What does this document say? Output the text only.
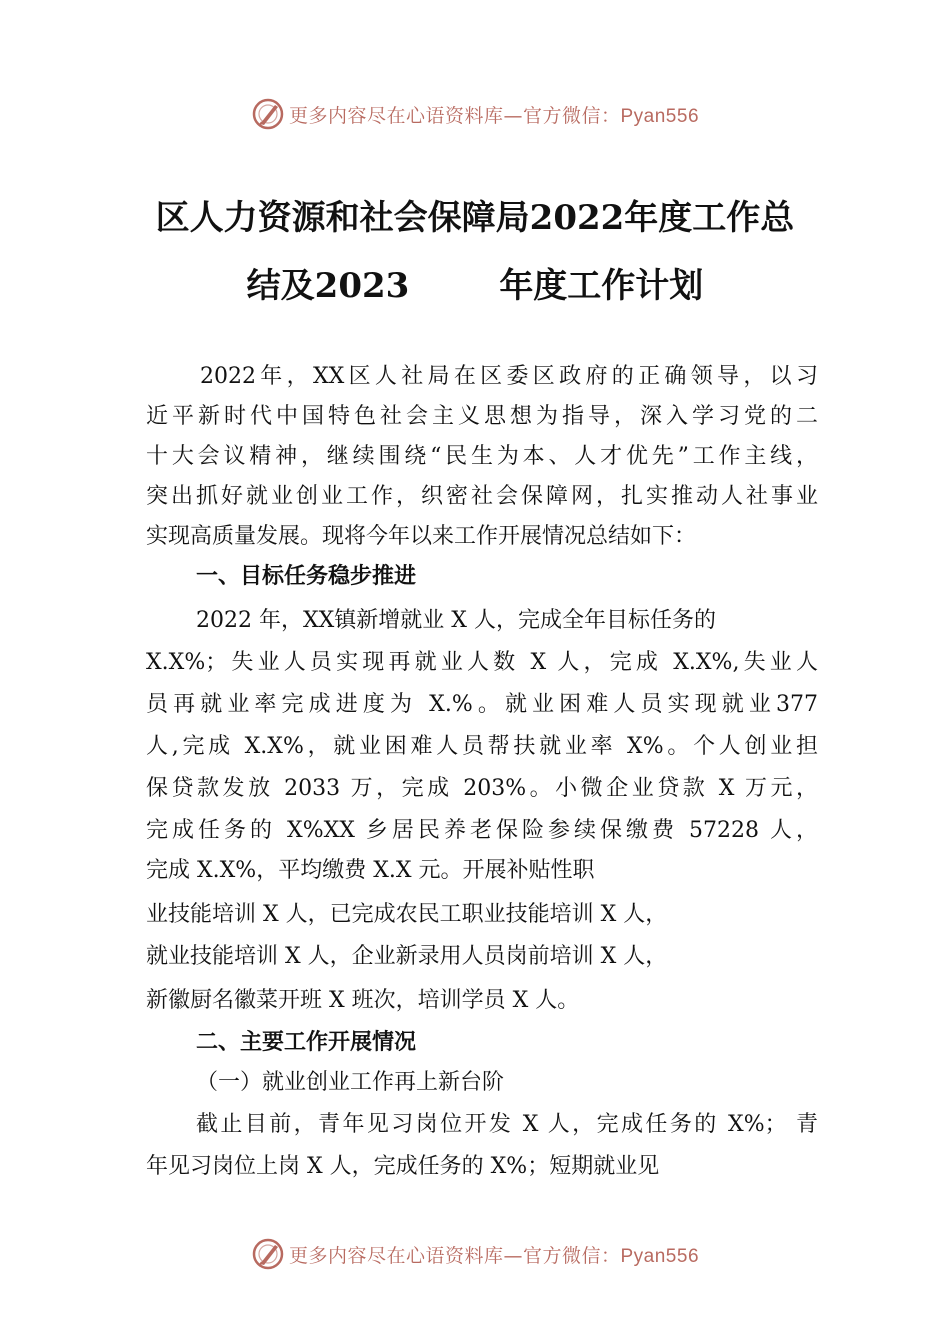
更多内容尽在心语资料库—官方微信：Pyan556
区人力资源和社会保障局2022年度工作总
结及2023	年度工作计划
2022年，XX区人社局在区委区政府的正确领导，以习
近平新时代中国特色社会主义思想为指导，深入学习党的二
十大会议精神，继续围绕“民生为本、人才优先”工作主线，
突出抓好就业创业工作，织密社会保障网，扎实推动人社事业
实现高质量发展。现将今年以来工作开展情况总结如下：
一、目标任务稳步推进
2022 年，XX镇新增就业 X 人，完成全年目标任务的
X.X%；失业人员实现再就业人数 X 人，完成 X.X%,失业人
员再就业率完成进度为 X.%。就业困难人员实现就业377
人,完成 X.X%，就业困难人员帮扶就业率 X%。个人创业担
保贷款发放 2033 万，完成 203%。小微企业贷款 X 万元，
完成任务的 X%XX 乡居民养老保险参续保缴费 57228 人，
完成 X.X%，平均缴费 X.X 元。开展补贴性职
业技能培训 X 人，已完成农民工职业技能培训 X 人，
就业技能培训 X 人，企业新录用人员岗前培训 X 人，
新徽厨名徽菜开班 X 班次，培训学员 X 人。
二、主要工作开展情况
（一）就业创业工作再上新台阶
截止目前，青年见习岗位开发 X 人，完成任务的 X%； 青
年见习岗位上岗 X 人，完成任务的 X%；短期就业见
更多内容尽在心语资料库—官方微信：Pyan556
